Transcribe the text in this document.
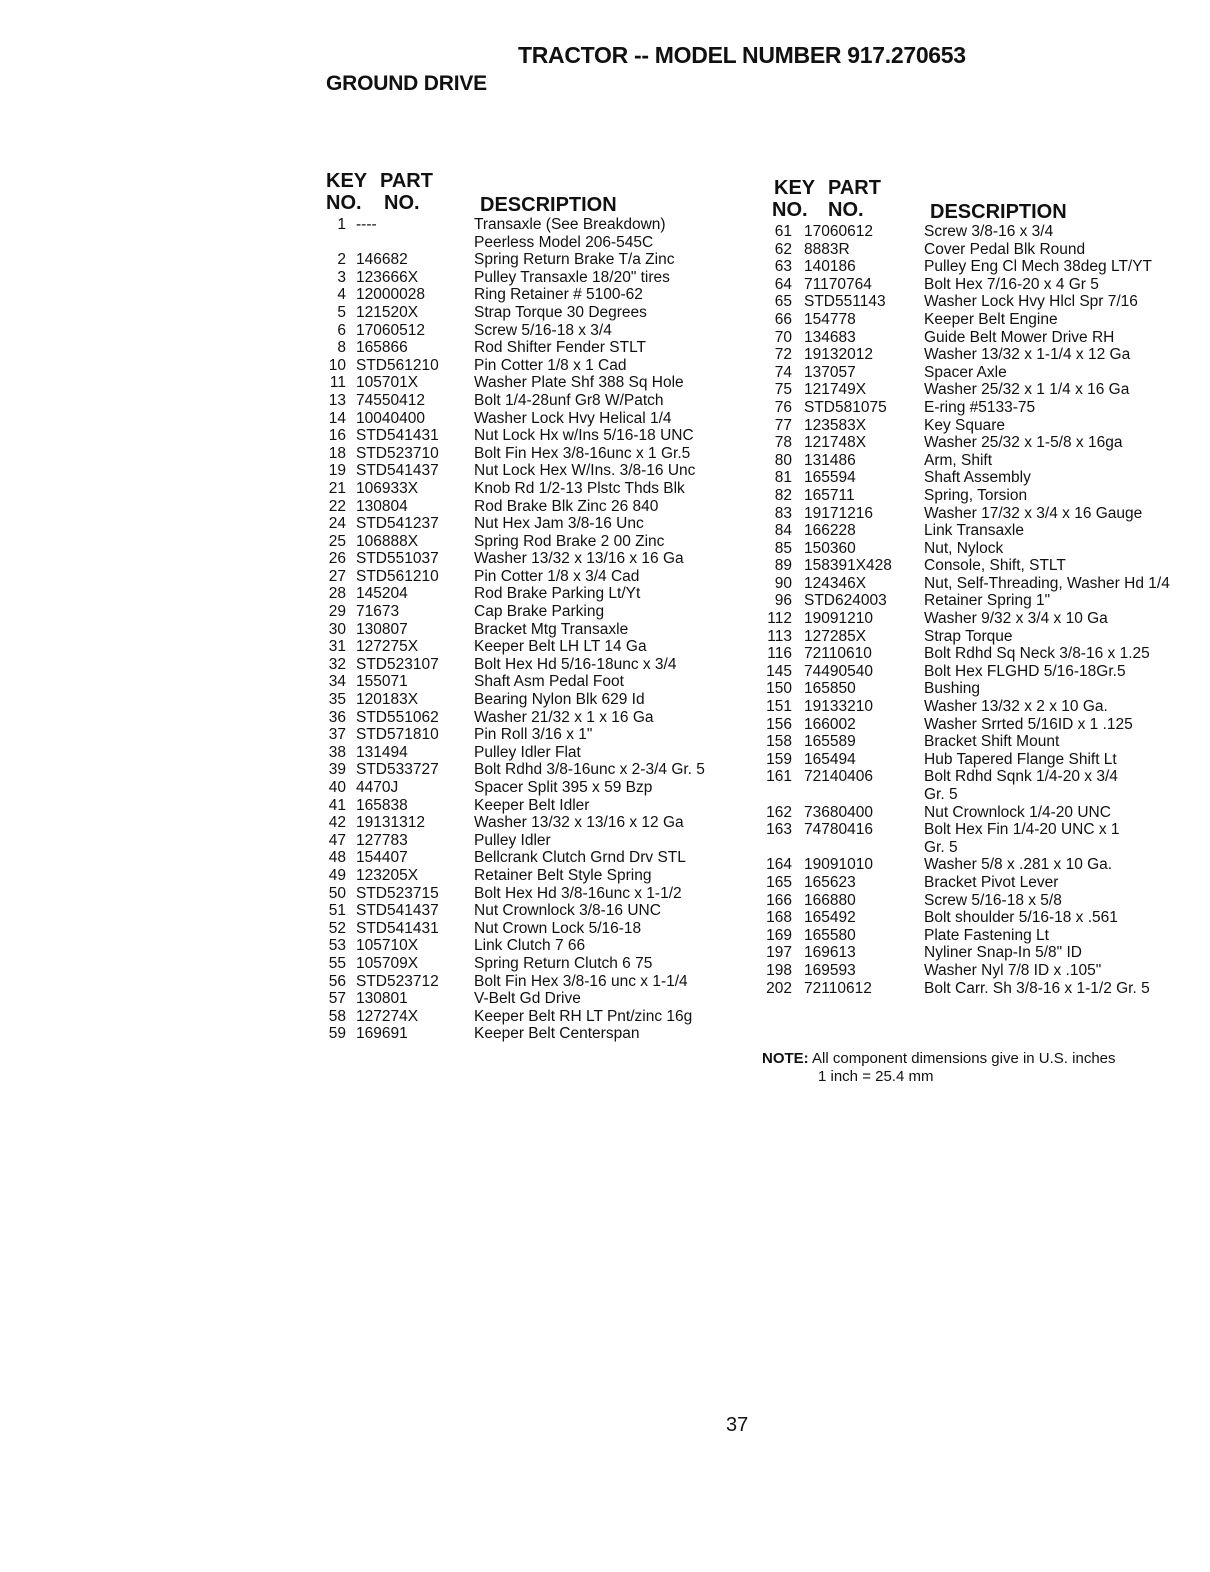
TRACTOR -- MODEL NUMBER 917.270653
GROUND DRIVE
KEY PART
NO. NO.	DESCRIPTION
1 ----	Transaxle (See Breakdown)
Peerless Model 206-545C
2 146682	Spring Return Brake T/a Zinc
3 123666X	Pulley Transaxle 18/20" tires
4 12000028	Ring Retainer # 5100-62
5 121520X	Strap Torque 30 Degrees
6 17060512	Screw 5/16-18 x 3/4
8 165866	Rod Shifter Fender STLT
10 STD561210 Pin Cotter 1/8 x 1 Cad
11 105701X	Washer Plate Shf 388 Sq Hole
13 74550412	Bolt 1/4-28unf Gr8 W/Patch
14 10040400	Washer Lock Hvy Helical 1/4
16 STD541431 Nut Lock Hx w/Ins 5/16-18 UNC
18 STD523710 Bolt Fin Hex 3/8-16unc x 1 Gr.5
19 STD541437 Nut Lock Hex W/Ins. 3/8-16 Unc
21 106933X	Knob Rd 1/2-13 Plstc Thds Blk
22 130804	Rod Brake Blk Zinc 26 840
24 STD541237 Nut Hex Jam 3/8-16 Unc
25 106888X	Spring Rod Brake 2 00 Zinc
26 STD551037 Washer 13/32 x 13/16 x 16 Ga
27 STD561210 Pin Cotter 1/8 x 3/4 Cad
28 145204	Rod Brake Parking Lt/Yt
29 71673	Cap Brake Parking
30 130807	Bracket Mtg Transaxle
31 127275X	Keeper Belt LH LT 14 Ga
32 STD523107 Bolt Hex Hd 5/16-18unc x 3/4
34 155071	Shaft Asm Pedal Foot
35 120183X	Bearing Nylon Blk 629 Id
36 STD551062 Washer 21/32 x 1 x 16 Ga
37 STD571810 Pin Roll 3/16 x 1"
38 131494	Pulley Idler Flat
39 STD533727 Bolt Rdhd 3/8-16unc x 2-3/4 Gr. 5
40 4470J	Spacer Split 395 x 59 Bzp
41 165838	Keeper Belt Idler
42 19131312	Washer 13/32 x 13/16 x 12 Ga
47 127783	Pulley Idler
48 154407	Bellcrank Clutch Grnd Drv STL
49 123205X	Retainer Belt Style Spring
50 STD523715 Bolt Hex Hd 3/8-16unc x 1-1/2
51 STD541437 Nut Crownlock 3/8-16 UNC
52 STD541431 Nut Crown Lock 5/16-18
53 105710X	Link Clutch 7 66
55 105709X	Spring Return Clutch 6 75
56 STD523712 Bolt Fin Hex 3/8-16 unc x 1-1/4
57 130801	V-Belt Gd Drive
58 127274X	Keeper Belt RH LT Pnt/zinc 16g
59 169691	Keeper Belt Centerspan
KEY PART
NO. NO.	DESCRIPTION
61 17060612	Screw 3/8-16 x 3/4
62 8883R	Cover Pedal Blk Round
63 140186	Pulley Eng Cl Mech 38deg LT/YT
64 71170764	Bolt Hex 7/16-20 x 4 Gr 5
65 STD551143 Washer Lock Hvy Hlcl Spr 7/16
66 154778	Keeper Belt Engine
70 134683	Guide Belt Mower Drive RH
72 19132012	Washer 13/32 x 1-1/4 x 12 Ga
74 137057	Spacer Axle
75 121749X	Washer 25/32 x 1 1/4 x 16 Ga
76 STD581075 E-ring #5133-75
77 123583X	Key Square
78 121748X	Washer 25/32 x 1-5/8 x 16ga
80 131486	Arm, Shift
81 165594	Shaft Assembly
82 165711	Spring, Torsion
83 19171216	Washer 17/32 x 3/4 x 16 Gauge
84 166228	Link Transaxle
85 150360	Nut, Nylock
89 158391X428 Console, Shift, STLT
90 124346X	Nut, Self-Threading, Washer Hd 1/4
96 STD624003 Retainer Spring 1"
112 19091210	Washer 9/32 x 3/4 x 10 Ga
113 127285X	Strap Torque
116 72110610	Bolt Rdhd Sq Neck 3/8-16 x 1.25
145 74490540	Bolt Hex FLGHD 5/16-18Gr.5
150 165850	Bushing
151 19133210	Washer 13/32 x 2 x 10 Ga.
156 166002	Washer Srrted 5/16ID x 1 .125
158 165589	Bracket Shift Mount
159 165494	Hub Tapered Flange Shift Lt
161 72140406	Bolt Rdhd Sqnk 1/4-20 x 3/4
Gr. 5
162 73680400	Nut Crownlock 1/4-20 UNC
163 74780416	Bolt Hex Fin 1/4-20 UNC x 1
Gr. 5
164 19091010	Washer 5/8 x .281 x 10 Ga.
165 165623	Bracket Pivot Lever
166 166880	Screw 5/16-18 x 5/8
168 165492	Bolt shoulder 5/16-18 x .561
169 165580	Plate Fastening Lt
197 169613	Nyliner Snap-In 5/8" ID
198 169593	Washer Nyl 7/8 ID x .105"
202 72110612	Bolt Carr. Sh 3/8-16 x 1-1/2 Gr. 5
NOTE: All component dimensions give in U.S. inches
1 inch = 25.4 mm
37
